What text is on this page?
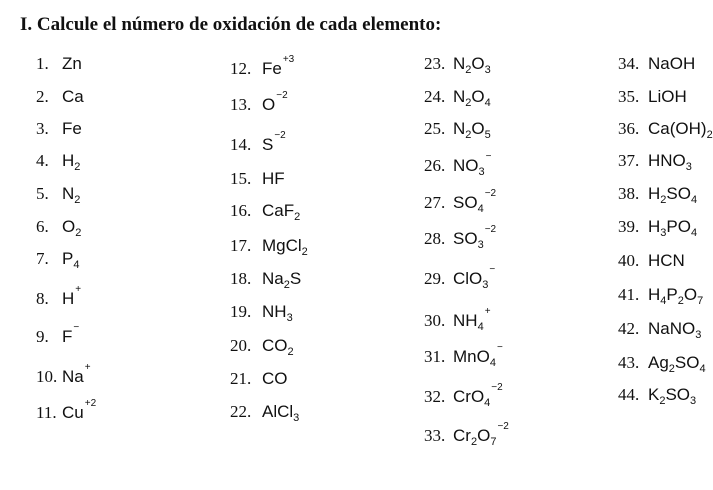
I. Calcule el número de oxidación de cada elemento:
1. Zn
2. Ca
3. Fe
4. $H_2$
5. $N_2$
6. $O_2$
7. $P_4$
8. H+
9. F−
10. Na+
11. $Cu^{+2}$
12. $Fe^{+3}$
13. $O^{-2}$
14. $S^{-2}$
15. HF
16. CaF$_2$
17. MgCl$_2$
18. $Na_2S$
19. $NH_3$
20. $CO_2$
21. CO
22. AlCl$_3$
23. $N_2O_3$
24. $N_2O_4$
25. $N_2O_5$
26. $NO_3^-$
27. $SO_4^{-2}$
28. $SO_3^{-2}$
29. ClO$_3$−
30. $NH_4^+$
31. MnO$_4$−
32. CrO$_4^{-2}$
33. $Cr_2O_7^{-2}$
34. NaOH
35. LiOH
36. $Ca(OH)_2$
37. $HNO_3$
38. $H_2SO_4$
39. $H_3PO_4$
40. HCN
41. $H_4P_2O_7$
42. NaNO$_3$
43. $Ag_2SO_4$
44. $K_2SO_3$
